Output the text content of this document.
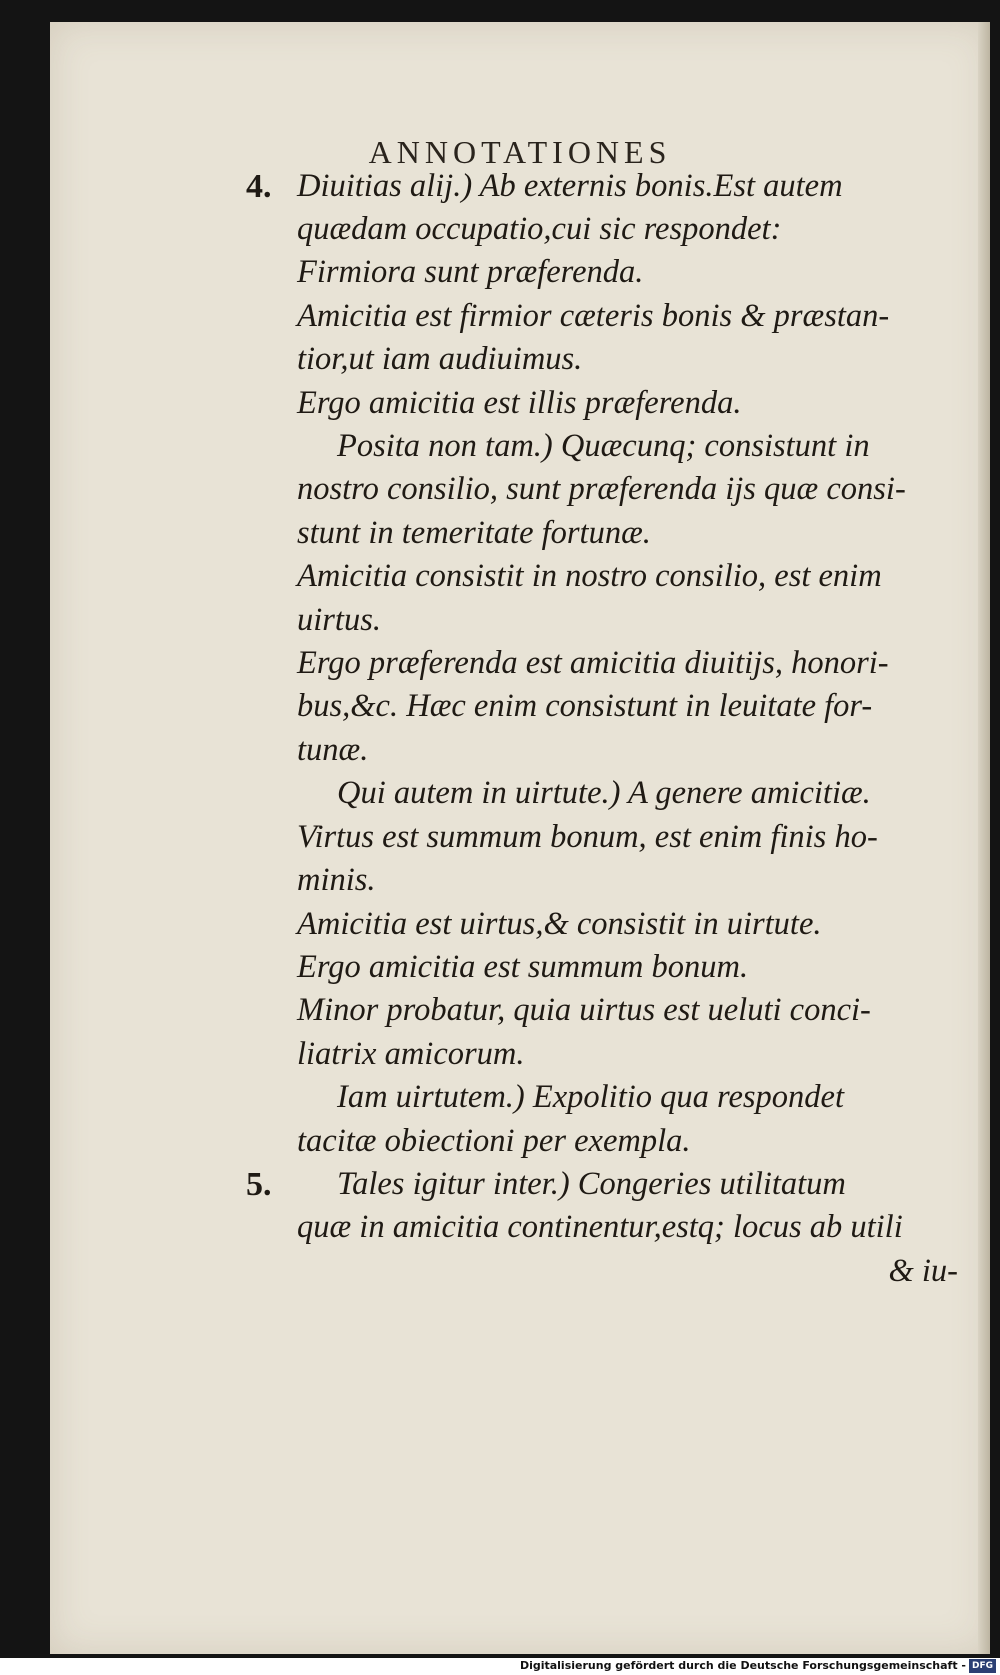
ANNOTATIONES
4. Diuitias alij.) Ab externis bonis.Est autem
quædam occupatio,cui sic respondet:
Firmiora sunt præferenda.
Amicitia est firmior cæteris bonis & præstan-
tior,ut iam audiuimus.
Ergo amicitia est illis præferenda.
Posita non tam.) Quæcunq; consistunt in
nostro consilio, sunt præferenda ijs quæ consi-
stunt in temeritate fortunæ.
Amicitia consistit in nostro consilio, est enim
uirtus.
Ergo præferenda est amicitia diuitijs, honori-
bus,&c. Hæc enim consistunt in leuitate for-
tunæ.
Qui autem in uirtute.) A genere amicitiæ.
Virtus est summum bonum, est enim finis ho-
minis.
Amicitia est uirtus,& consistit in uirtute.
Ergo amicitia est summum bonum.
Minor probatur, quia uirtus est ueluti conci-
liatrix amicorum.
Iam uirtutem.) Expolitio qua respondet
tacitæ obiectioni per exempla.
5. Tales igitur inter.) Congeries utilitatum
quæ in amicitia continentur,estq; locus ab utili
& iu-
Digitalisierung gefördert durch die Deutsche Forschungsgemeinschaft - DFG
